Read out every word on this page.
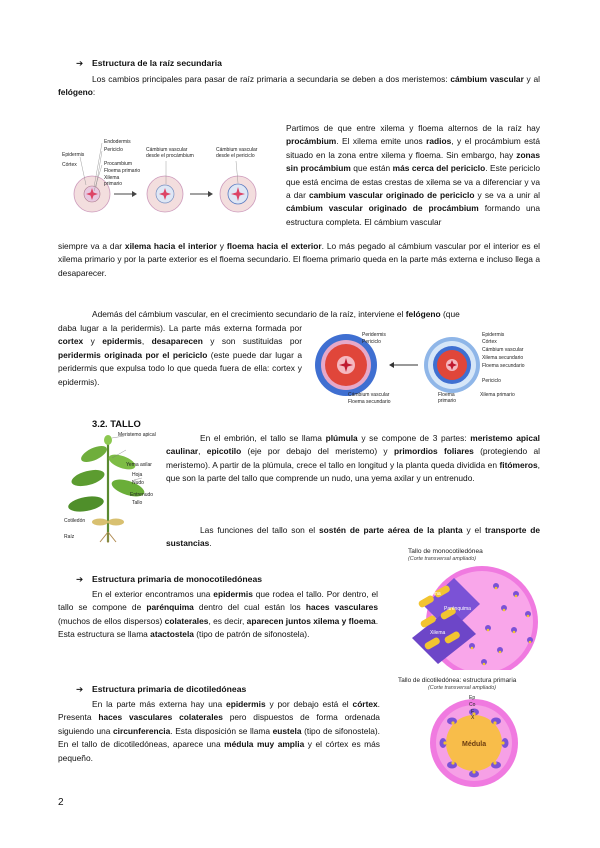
➔ Estructura de la raíz secundaria
Los cambios principales para pasar de raíz primaria a secundaria se deben a dos meristemos: cámbium vascular y al felógeno:
Endodermis
Periciclo
Procambium
Floema primario
Xilema primario
Epidermis
Córtex
Cámbium vascular desde el procámbium
Cámbium vascular desde el periciclo
Partimos de que entre xilema y floema alternos de la raíz hay procámbium. El xilema emite unos radios, y el procámbium está situado en la zona entre xilema y floema. Sin embargo, hay zonas sin procámbium que están más cerca del periciclo. Este periciclo que está encima de estas crestas de xilema se va a diferenciar y va a dar cambium vascular originado de periciclo y se va a unir al cámbium vascular originado de procámbium formando una estructura completa. El cámbium vascular
siempre va a dar xilema hacia el interior y floema hacia el exterior. Lo más pegado al cámbium vascular por el interior es el xilema primario y por la parte exterior es el floema secundario. El floema primario queda en la parte más externa e incluso llega a desaparecer.
Además del cámbium vascular, en el crecimiento secundario de la raíz, interviene el felógeno (que
daba lugar a la peridermis). La parte más externa formada por cortex y epidermis, desaparecen y son sustituidas por peridermis originada por el periciclo (este puede dar lugar a peridermis que expulsa todo lo que queda fuera de ella: cortex y epidermis).
Peridermis
Periciclo
Cámbium vascular
Floema secundario
Epidermis
Córtex
Cámbium vascular
Xilema secundario
Floema secundario
Periciclo
Floema primario
Xilema primario
3.2. TALLO
Meristemo apical
Yema axilar
Hoja
Nudo
Entrenudo
Tallo
Cotiledón
Raíz
En el embrión, el tallo se llama plúmula y se compone de 3 partes: meristemo apical caulinar, epicotilo (eje por debajo del meristemo) y primordios foliares (protegiendo al meristemo). A partir de la plúmula, crece el tallo en longitud y la planta queda dividida en fitómeros, que son la parte del tallo que comprende un nudo, una yema axilar y un entrenudo.
Las funciones del tallo son el sostén de parte aérea de la planta y el transporte de sustancias.
➔ Estructura primaria de monocotiledóneas
En el exterior encontramos una epidermis que rodea el tallo. Por dentro, el tallo se compone de parénquima dentro del cual están los haces vasculares (muchos de ellos dispersos) colaterales, es decir, aparecen juntos xilema y floema. Esta estructura se llama atactostela (tipo de patrón de sifonostela).
Tallo de monocotiledónea
(Corte transversal ampliado)
Epidermis
Floema
Parénquima
Xilema
➔ Estructura primaria de dicotiledóneas
En la parte más externa hay una epidermis y por debajo está el córtex. Presenta haces vasculares colaterales pero dispuestos de forma ordenada siguiendo una circunferencia. Esta disposición se llama eustela (tipo de sifonostela). En el tallo de dicotiledóneas, aparece una médula muy amplia y el córtex es más pequeño.
Tallo de dicotiledónea: estructura primaria
(Corte transversal ampliado)
Ep
Co
F
X
Médula
2
